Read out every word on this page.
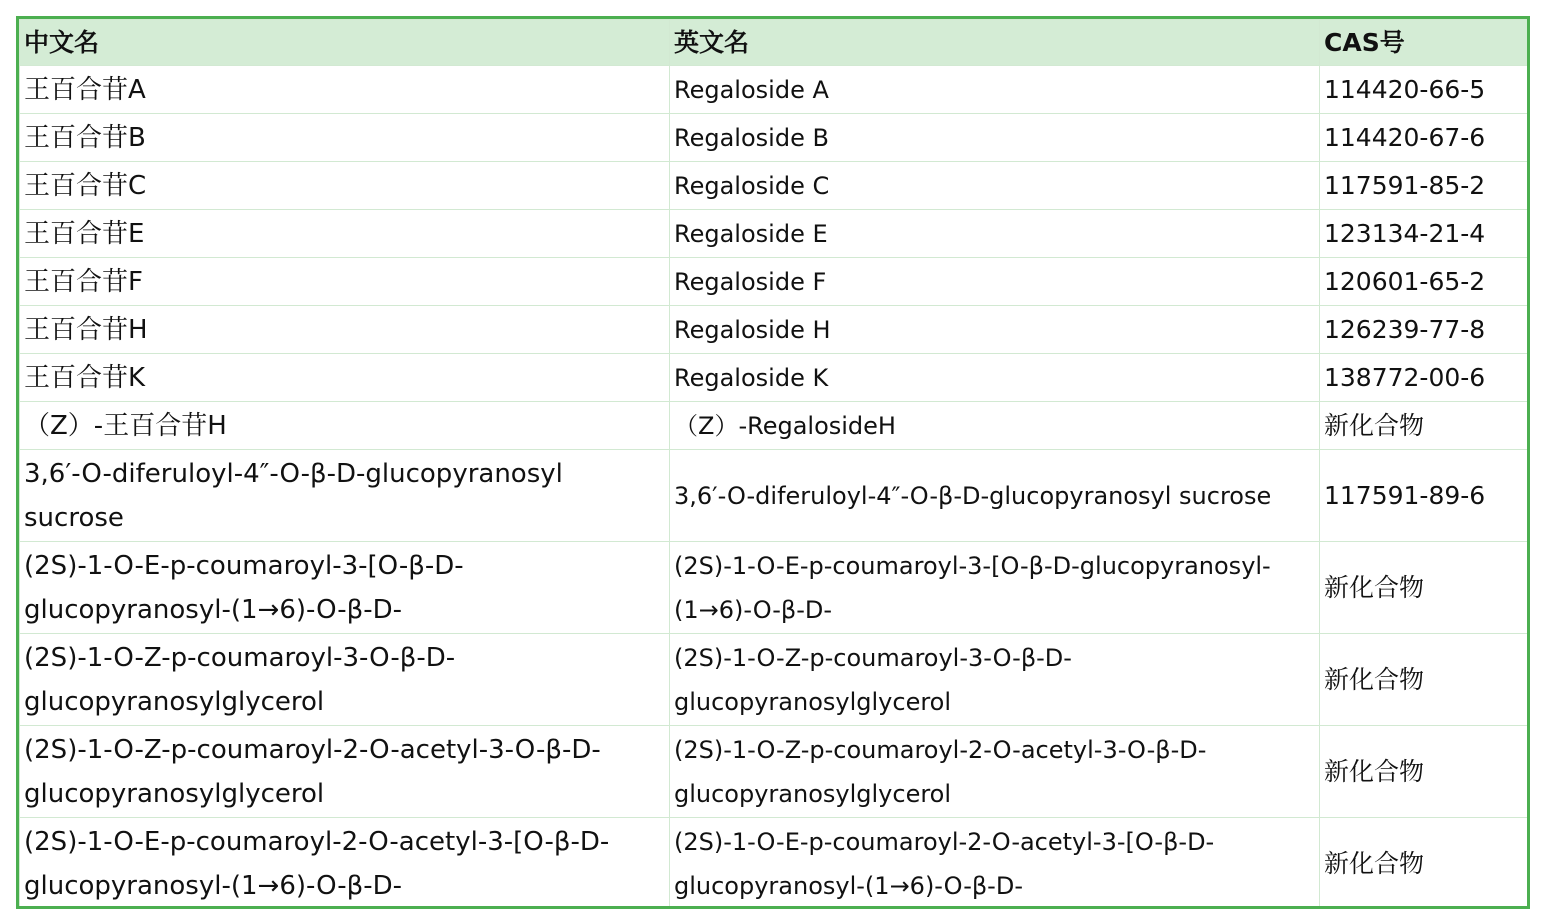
中文名	英文名	CAS号
王百合苷A	Regaloside A	114420-66-5
王百合苷B	Regaloside B	114420-67-6
王百合苷C	Regaloside C	117591-85-2
王百合苷E	Regaloside E	123134-21-4
王百合苷F	Regaloside F	120601-65-2
王百合苷H	Regaloside H	126239-77-8
王百合苷K	Regaloside K	138772-00-6
（Z）-王百合苷H	（Z）-RegalosideH	新化合物
3,6′-O-diferuloyl-4″-O-β-D-glucopyranosyl sucrose	3,6′-O-diferuloyl-4″-O-β-D-glucopyranosyl sucrose	117591-89-6
(2S)-1-O-E-p-coumaroyl-3-[O-β-D-glucopyranosyl-(1→6)-O-β-D-	(2S)-1-O-E-p-coumaroyl-3-[O-β-D-glucopyranosyl-(1→6)-O-β-D-	新化合物
(2S)-1-O-Z-p-coumaroyl-3-O-β-D-glucopyranosylglycerol	(2S)-1-O-Z-p-coumaroyl-3-O-β-D-glucopyranosylglycerol	新化合物
(2S)-1-O-Z-p-coumaroyl-2-O-acetyl-3-O-β-D-glucopyranosylglycerol	(2S)-1-O-Z-p-coumaroyl-2-O-acetyl-3-O-β-D-glucopyranosylglycerol	新化合物
(2S)-1-O-E-p-coumaroyl-2-O-acetyl-3-[O-β-D-glucopyranosyl-(1→6)-O-β-D-	(2S)-1-O-E-p-coumaroyl-2-O-acetyl-3-[O-β-D-glucopyranosyl-(1→6)-O-β-D-	新化合物
